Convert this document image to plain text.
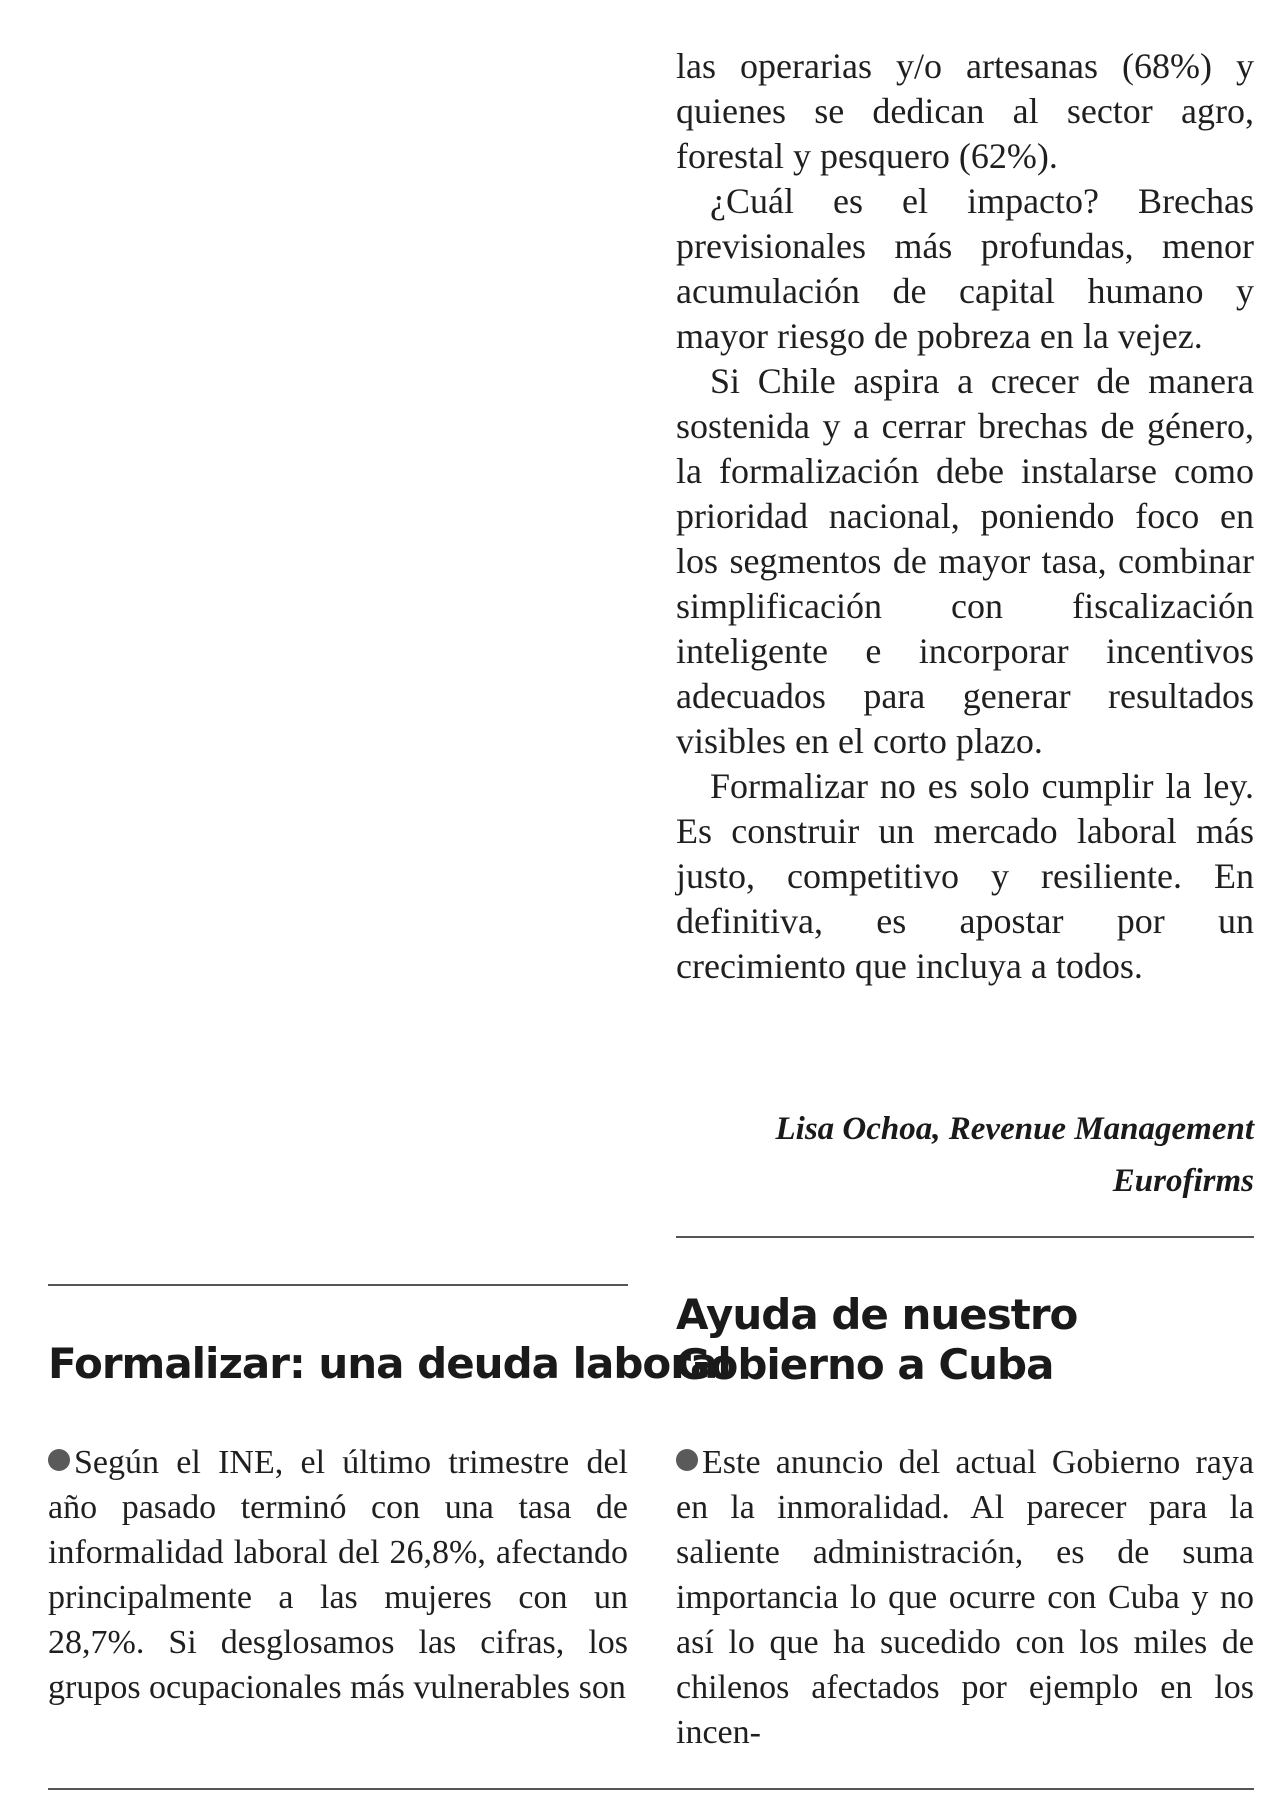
las operarias y/o artesanas (68%) y quienes se dedican al sector agro, forestal y pesquero (62%).

¿Cuál es el impacto? Brechas previsionales más profundas, menor acumulación de capital humano y mayor riesgo de pobreza en la vejez.

Si Chile aspira a crecer de manera sostenida y a cerrar brechas de género, la formalización debe instalarse como prioridad nacional, poniendo foco en los segmentos de mayor tasa, combinar simplificación con fiscalización inteligente e incorporar incentivos adecuados para generar resultados visibles en el corto plazo.

Formalizar no es solo cumplir la ley. Es construir un mercado laboral más justo, competitivo y resiliente. En definitiva, es apostar por un crecimiento que incluya a todos.

Lisa Ochoa, Revenue Management
Eurofirms
Formalizar: una deuda laboral

Según el INE, el último trimestre del año pasado terminó con una tasa de informalidad laboral del 26,8%, afectando principalmente a las mujeres con un 28,7%. Si desglosamos las cifras, los grupos ocupacionales más vulnerables son

Ayuda de nuestro Gobierno a Cuba

Este anuncio del actual Gobierno raya en la inmoralidad. Al parecer para la saliente administración, es de suma importancia lo que ocurre con Cuba y no así lo que ha sucedido con los miles de chilenos afectados por ejemplo en los incen-
